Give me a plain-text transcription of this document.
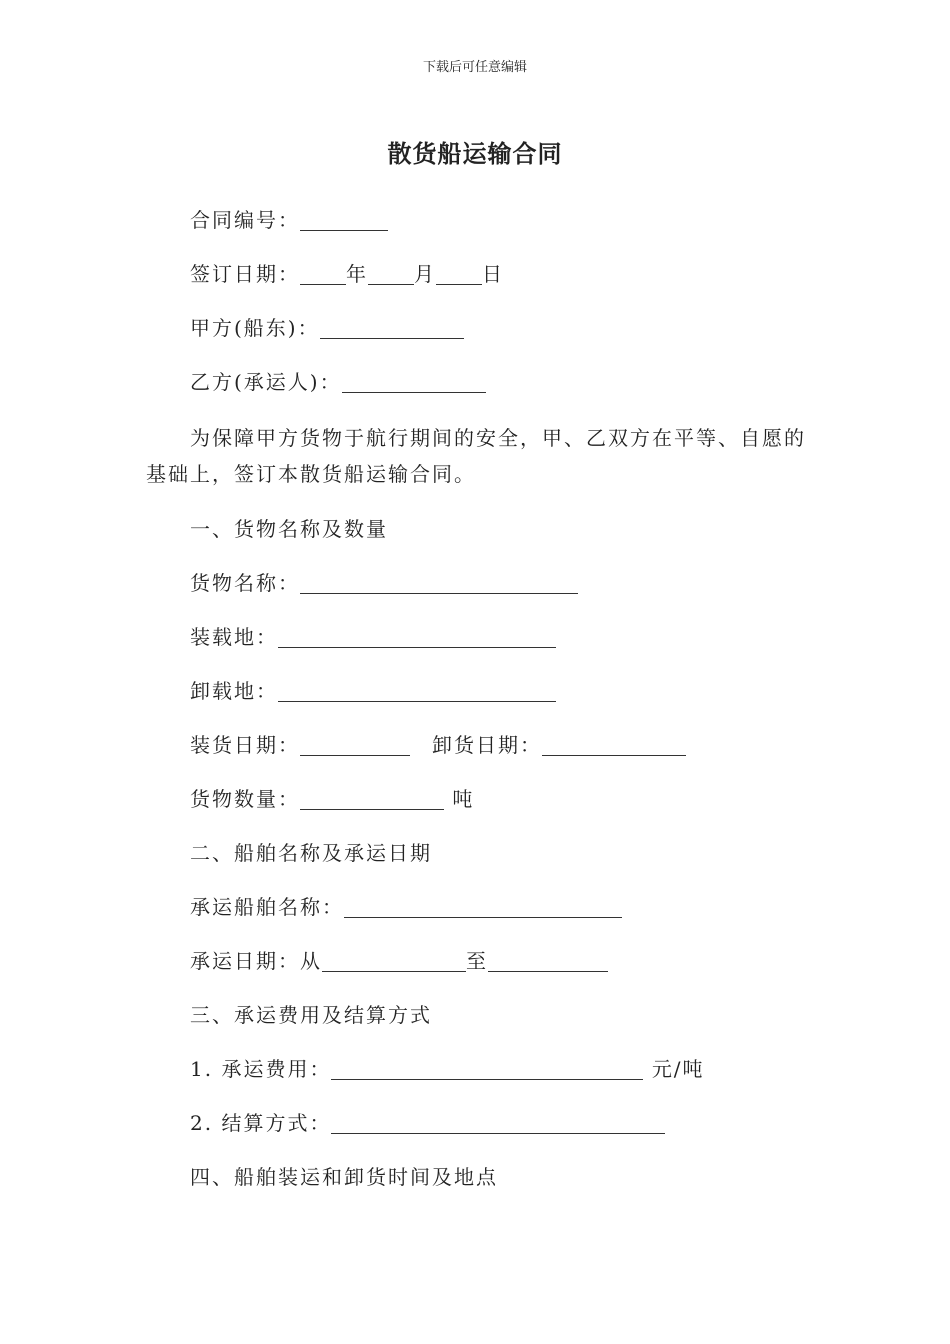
下载后可任意编辑
散货船运输合同
合同编号：
签订日期： 年 月 日
甲方(船东)：
乙方(承运人)：
为保障甲方货物于航行期间的安全，甲、乙双方在平等、自愿的基础上，签订本散货船运输合同。
一、货物名称及数量
货物名称：
装载地：
卸载地：
装货日期：	卸货日期：
货物数量：	吨
二、船舶名称及承运日期
承运船舶名称：
承运日期：从	至
三、承运费用及结算方式
1. 承运费用：	元/吨
2. 结算方式：
四、船舶装运和卸货时间及地点
